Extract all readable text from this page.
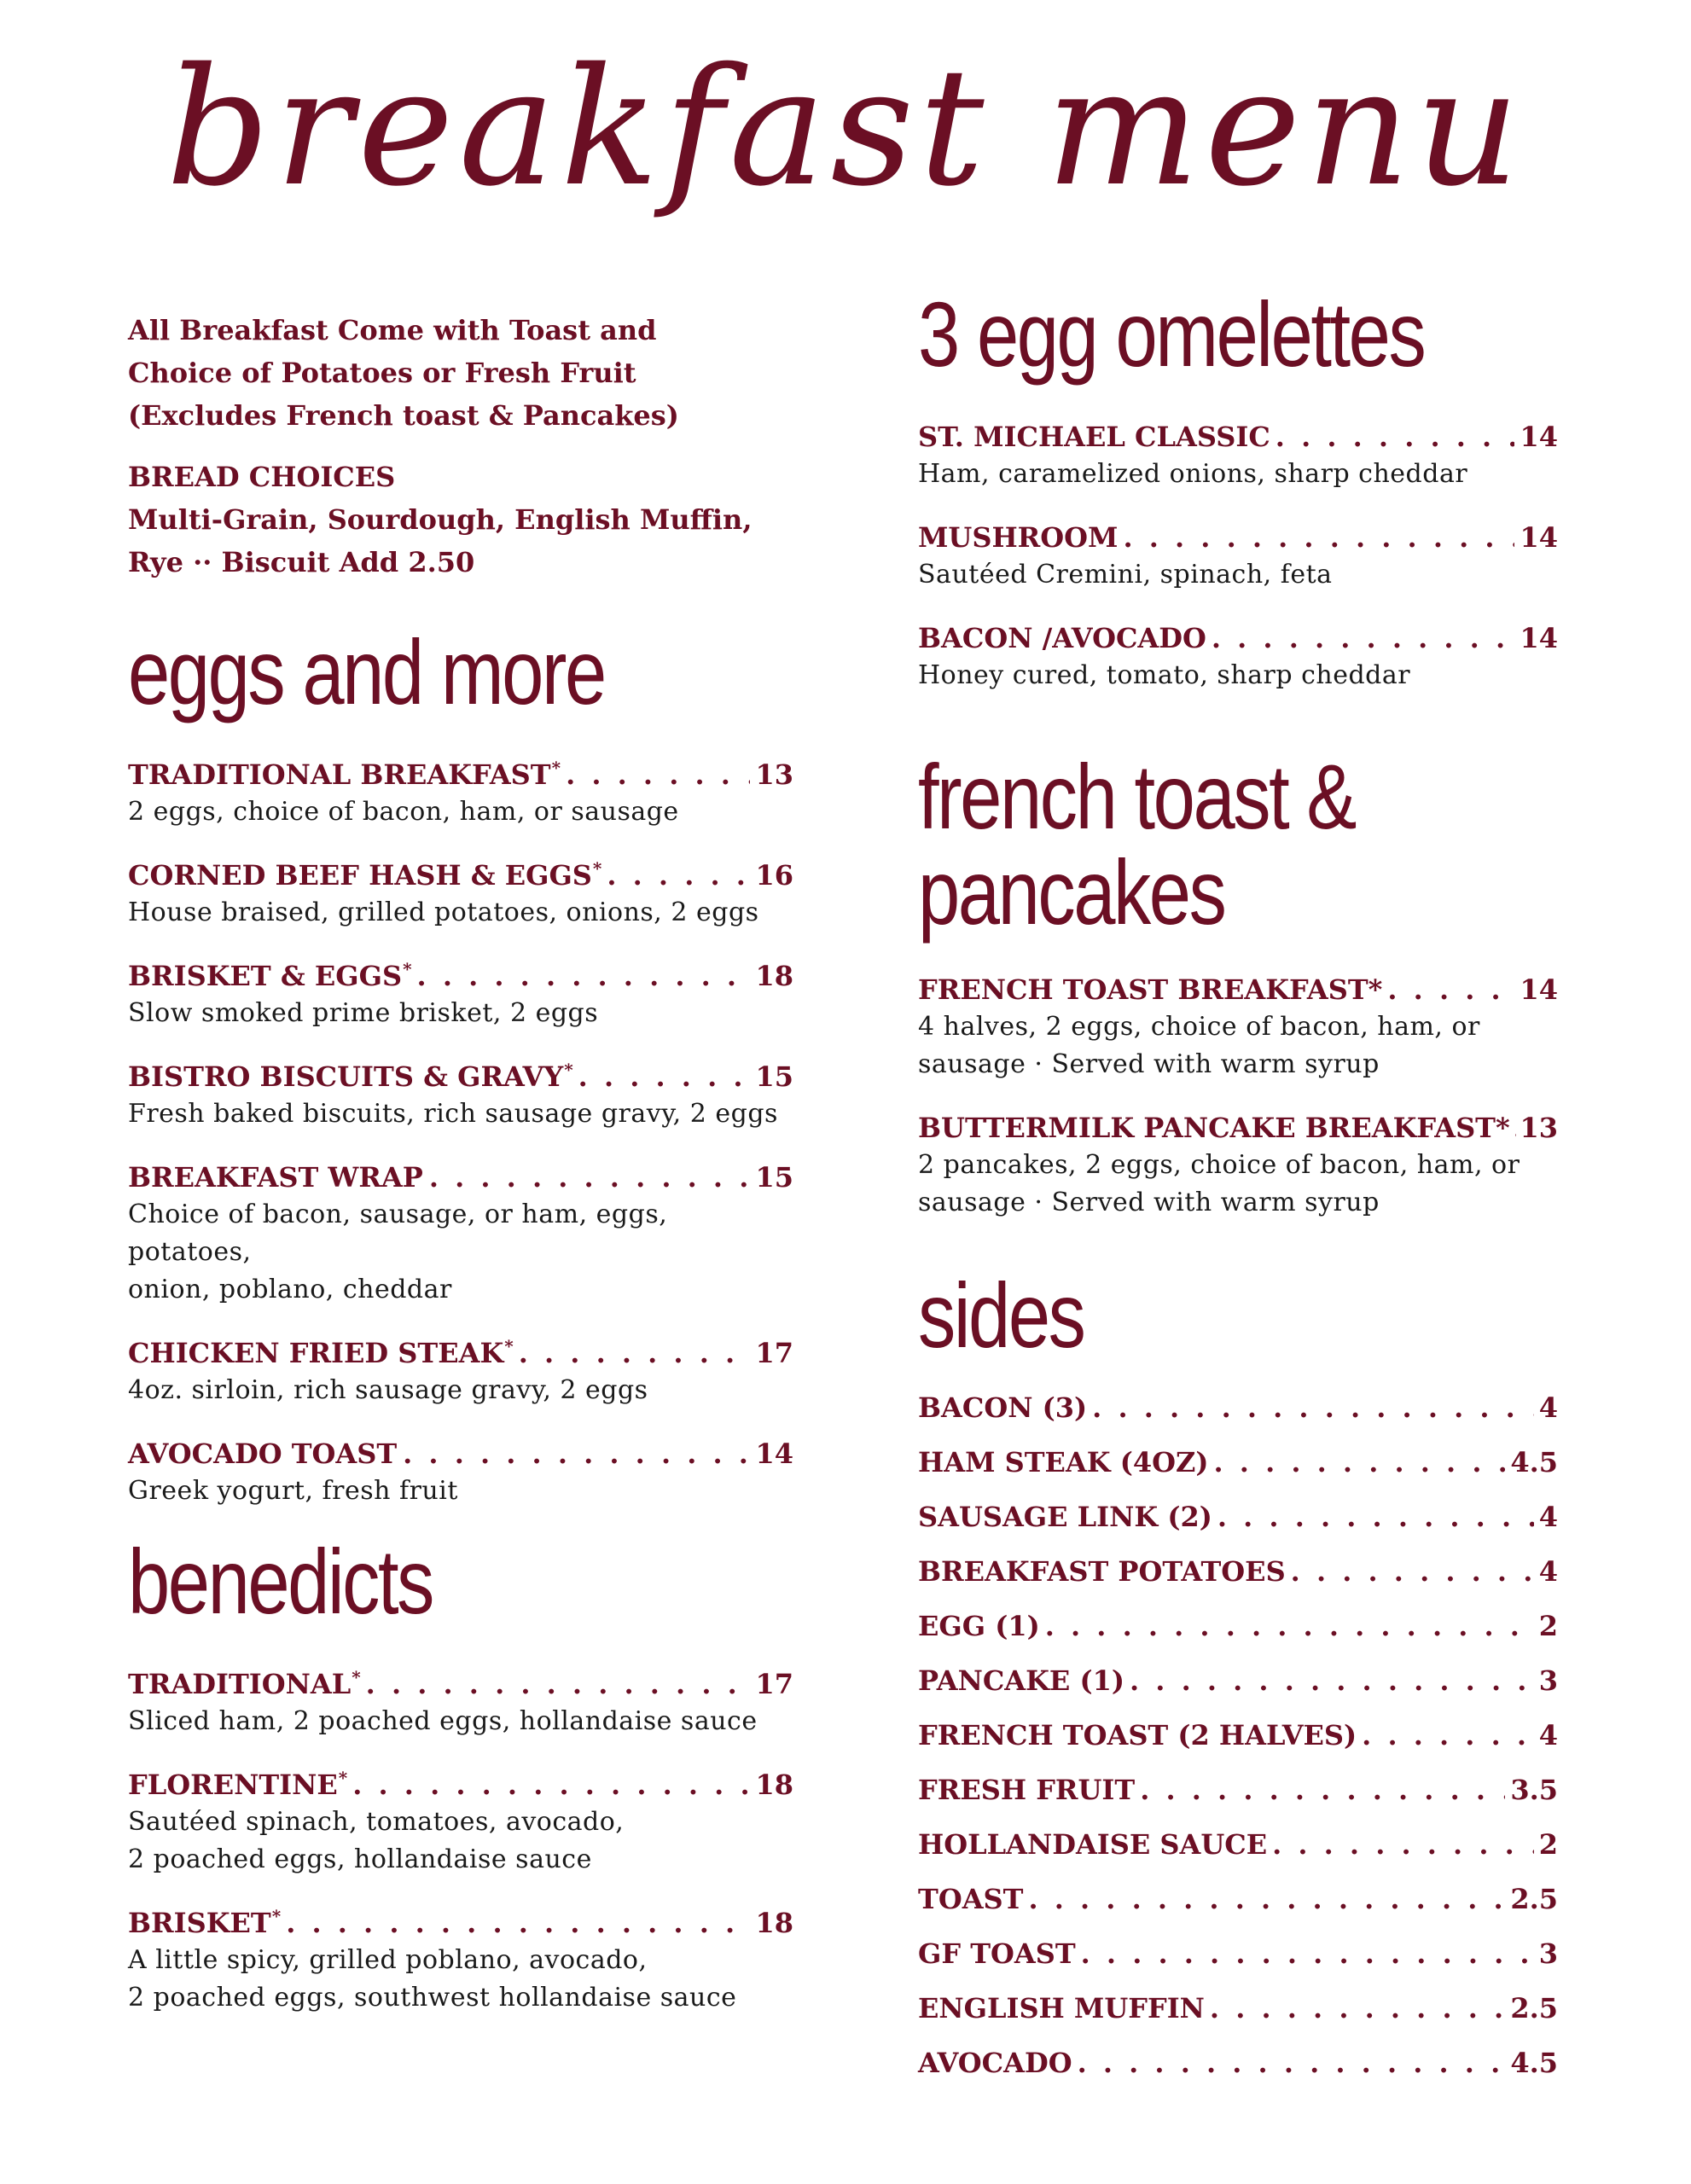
breakfast menu
All Breakfast Come with Toast and
Choice of Potatoes or Fresh Fruit
(Excludes French toast & Pancakes)
BREAD CHOICES
Multi-Grain, Sourdough, English Muffin,
Rye ·· Biscuit Add 2.50
eggs and more
TRADITIONAL BREAKFAST* . . .	13
2 eggs, choice of bacon, ham, or sausage
CORNED BEEF HASH & EGGS* . . .	16
House braised, grilled potatoes, onions, 2 eggs
BRISKET & EGGS* . . .	18
Slow smoked prime brisket, 2 eggs
BISTRO BISCUITS & GRAVY* . . .	15
Fresh baked biscuits, rich sausage gravy, 2 eggs
BREAKFAST WRAP . . .	15
Choice of bacon, sausage, or ham, eggs, potatoes,
onion, poblano, cheddar
CHICKEN FRIED STEAK* . . .	17
4oz. sirloin, rich sausage gravy, 2 eggs
AVOCADO TOAST . . .	14
Greek yogurt, fresh fruit
benedicts
TRADITIONAL* . . .	17
Sliced ham, 2 poached eggs, hollandaise sauce
FLORENTINE* . . .	18
Sautéed spinach, tomatoes, avocado,
2 poached eggs, hollandaise sauce
BRISKET* . . .	18
A little spicy, grilled poblano, avocado,
2 poached eggs, southwest hollandaise sauce
3 egg omelettes
ST. MICHAEL CLASSIC . . .	14
Ham, caramelized onions, sharp cheddar
MUSHROOM . . .	14
Sautéed Cremini, spinach, feta
BACON /AVOCADO . . .	14
Honey cured, tomato, sharp cheddar
french toast & pancakes
FRENCH TOAST BREAKFAST* . . .	14
4 halves, 2 eggs, choice of bacon, ham, or
sausage · Served with warm syrup
BUTTERMILK PANCAKE BREAKFAST* . . . 13
2 pancakes, 2 eggs, choice of bacon, ham, or
sausage · Served with warm syrup
sides
BACON (3) . . .	4
HAM STEAK (4OZ) . . .	4.5
SAUSAGE LINK (2) . . .	4
BREAKFAST POTATOES . . .	4
EGG (1) . . .	2
PANCAKE (1) . . .	3
FRENCH TOAST (2 HALVES) . . .	4
FRESH FRUIT . . .	3.5
HOLLANDAISE SAUCE . . .	2
TOAST . . .	2.5
GF TOAST . . .	3
ENGLISH MUFFIN . . .	2.5
AVOCADO . . .	4.5
